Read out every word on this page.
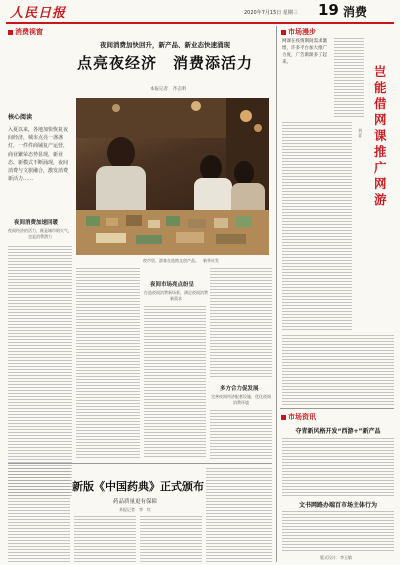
人民日报	2020年7月15日 星期三 19 消费
消费视窗
夜间消费加快回升，新产品、新业态快速涌现
点亮夜经济　消费添活力
本报记者　齐志明
核心阅读
入夏以来，各地加快恢复夜间经济，城市点亮一盏盏灯，一件件商铺复产运营，商业繁荣态势显现，新业态、新模式不断涌现，夜间消费与文旅融合，激发消费新活力……
夜间消费加速回暖
夜间经济的活力，既是城市烟火气，也是消费潜力
夜市里，游客在选购文创产品。　新华社发
夜间市场亮点纷呈
打造夜间消费新场景，满足夜间消费新需求
多方合力促发展
完善夜间经济配套设施，优化夜间消费环境
新版《中国药典》正式颁布
药品质量更有保障
本报记者　李　红
市场漫步
网课在疫情期间需求激增，许多平台加大推广力度，广告渐渐多了起来。
岂能借网课推广网游
刘　菲
市场资讯
夺青新风格开发“西游+”新产品
文书网路办端百市场主体行为
版式设计：李玉敏
